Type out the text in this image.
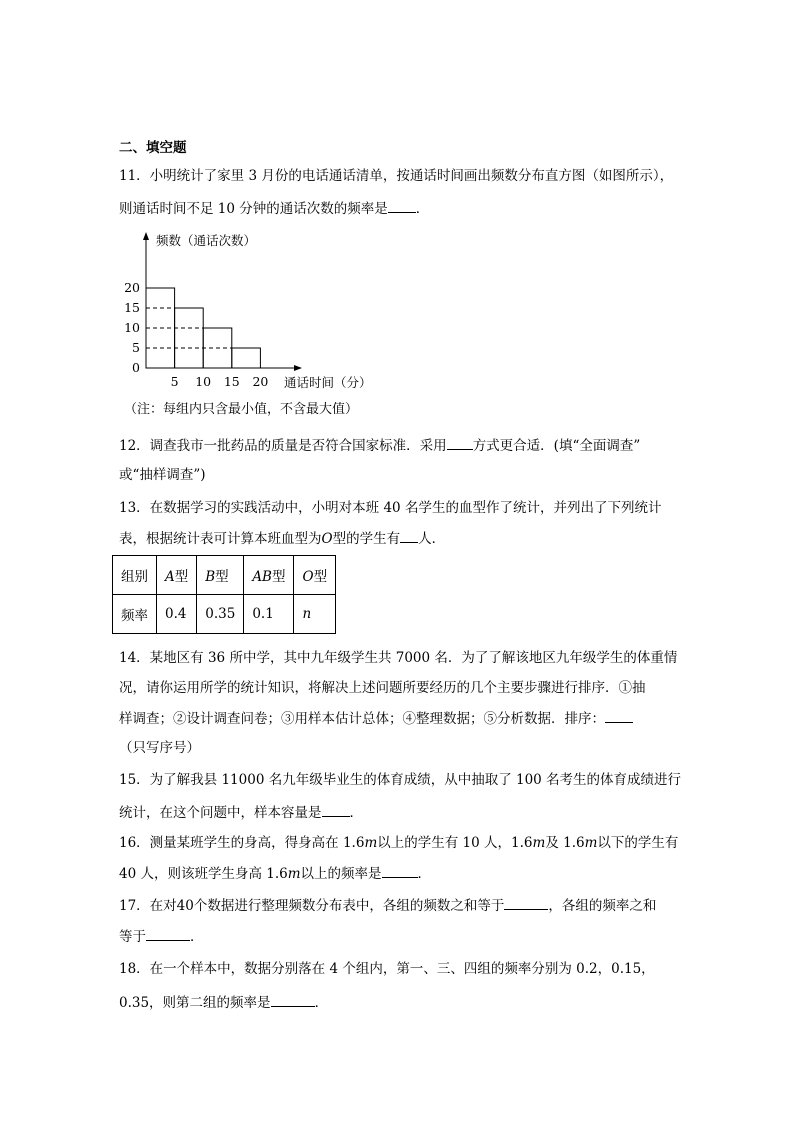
二、填空题
11．小明统计了家里 3 月份的电话通话清单，按通话时间画出频数分布直方图（如图所示），
则通话时间不足 10 分钟的通话次数的频率是 ．
0
5
10
15
20
5 10 15 20
频数（通话次数）
通话时间（分）
（注：每组内只含最小值，不含最大值）
12．调查我市一批药品的质量是否符合国家标准．采用 方式更合适．(填“全面调查”
或“抽样调查”)
13．在数据学习的实践活动中，小明对本班 40 名学生的血型作了统计，并列出了下列统计
表，根据统计表可计算本班血型为O型的学生有 人．
组别	A型	B型	AB型	O型
频率	0.4	0.35	0.1	n
14．某地区有 36 所中学，其中九年级学生共 7000 名．为了了解该地区九年级学生的体重情
况，请你运用所学的统计知识，将解决上述问题所要经历的几个主要步骤进行排序．①抽
样调查；②设计调查问卷；③用样本估计总体；④整理数据；⑤分析数据．排序：
（只写序号）
15．为了解我县 11000 名九年级毕业生的体育成绩，从中抽取了 100 名考生的体育成绩进行
统计，在这个问题中，样本容量是 ．
16．测量某班学生的身高，得身高在 1.6m以上的学生有 10 人，1.6m及 1.6m以下的学生有
40 人，则该班学生身高 1.6m以上的频率是	．
17．在对40个数据进行整理频数分布表中，各组的频数之和等于	，各组的频率之和
等于	．
18．在一个样本中，数据分别落在 4 个组内，第一、三、四组的频率分别为 0.2，0.15，
0.35，则第二组的频率是	．
